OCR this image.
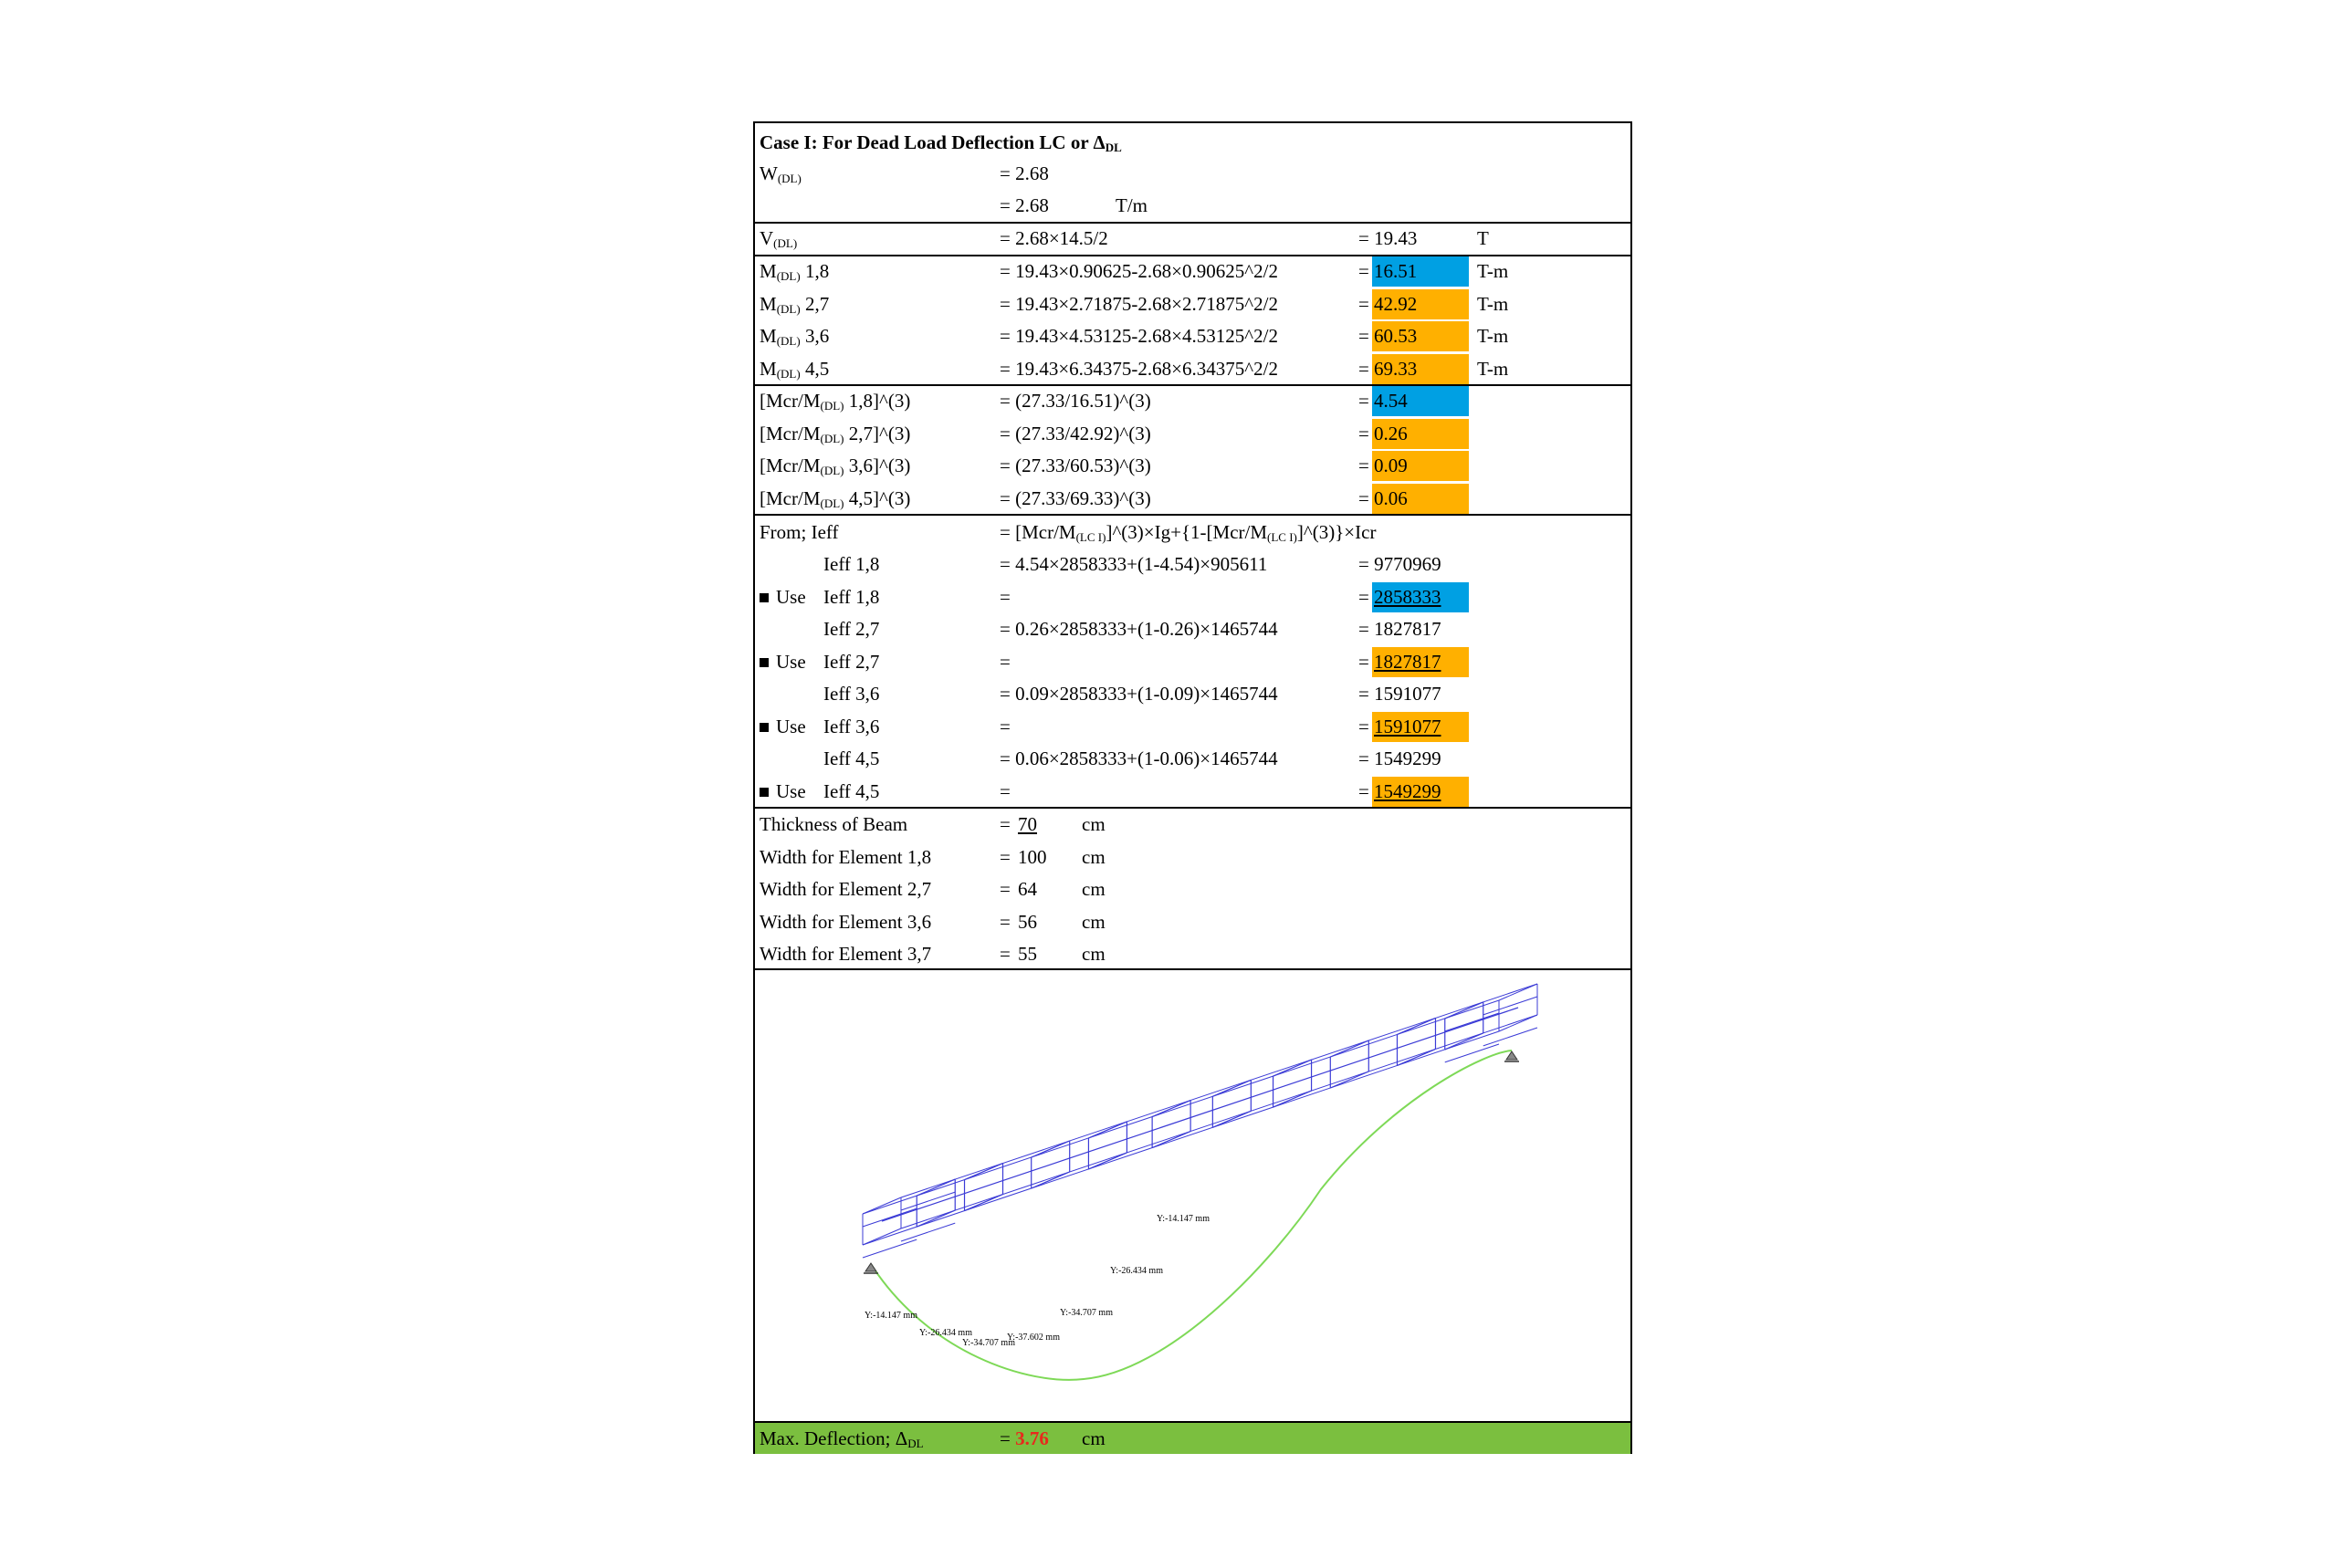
Case I: For Dead Load Deflection LC or $\Delta_{DL}$
$W_{(DL)}$	= 2.68
= 2.68	T/m
$V_{(DL)}$	= 2.68×14.5/2	= 19.43	T
From; Ieff	= $[Mcr/M_{(LC I)}]\^{}(3)\times Ig+\{1-[Mcr/M_{(LC I)}]\^{}(3)\}\times Icr$
Y:-14.147 mm
Y:-26.434 mm
Y:-34.707 mm
Y:-37.602 mm
Y:-34.707 mm
Y:-26.434 mm
Y:-14.147 mm
Max. Deflection; $\Delta_{DL}$	= 3.76 cm
$M_{(DL)}$ 1,8	= 19.43×0.90625-2.68×0.90625^2/2	= 16.51	T-m
$M_{(DL)}$ 2,7	= 19.43×2.71875-2.68×2.71875^2/2	= 42.92	T-m
$M_{(DL)}$ 3,6	= 19.43×4.53125-2.68×4.53125^2/2	= 60.53	T-m
$M_{(DL)}$ 4,5	= 19.43×6.34375-2.68×6.34375^2/2	= 69.33	T-m
[$Mcr/M_{(DL)}$ 1,8]^(3)	= (27.33/16.51)^(3)	= 4.54
[$Mcr/M_{(DL)}$ 2,7]^(3)	= (27.33/42.92)^(3)	= 0.26
[$Mcr/M_{(DL)}$ 3,6]^(3)	= (27.33/60.53)^(3)	= 0.09
[$Mcr/M_{(DL)}$ 4,5]^(3)	= (27.33/69.33)^(3)	= 0.06
Ieff 1,8	= 4.54×2858333+(1-4.54)×905611	= 9770969
Use Ieff 1,8	=	= 2858333
Ieff 2,7	= 0.26×2858333+(1-0.26)×1465744	= 1827817
Use Ieff 2,7	=	= 1827817
Ieff 3,6	= 0.09×2858333+(1-0.09)×1465744	= 1591077
Use Ieff 3,6	=	= 1591077
Ieff 4,5	= 0.06×2858333+(1-0.06)×1465744	= 1549299
Use Ieff 4,5	=	= 1549299
Thickness of Beam	= 70 cm
Width for Element 1,8	= 100 cm
Width for Element 2,7	= 64 cm
Width for Element 3,6	= 56 cm
Width for Element 3,7	= 55 cm
